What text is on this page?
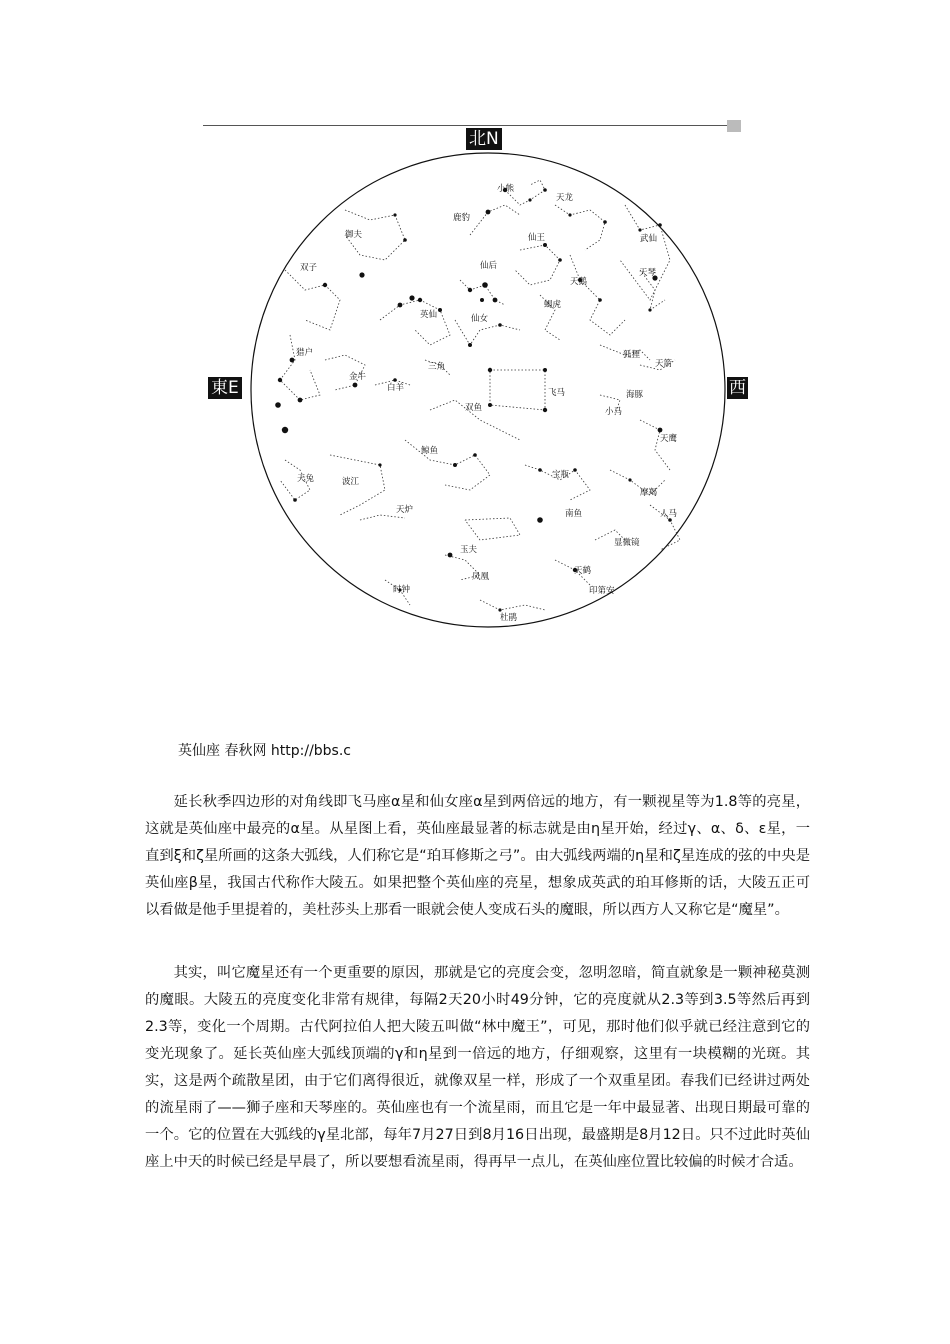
小熊
天龙
鹿豹
御夫	仙王	武仙
双子	仙后
天鹅
天琴
蝎虎
英仙	仙女
猎户
金牛
三角
狐狸
天箭
白羊	飞马	海豚
双鱼	小马
天鹰
鲸鱼
宝瓶
天兔	波江
摩羯
天炉	南鱼	人马
显微镜
玉夫
凤凰
天鹤
时钟	印第安
杜鹃
北N
東E	西
英仙座 春秋网 http://bbs.c

延长秋季四边形的对角线即飞马座α星和仙女座α星到两倍远的地方，有一颗视星等为1.8等的亮星，这就是英仙座中最亮的α星。从星图上看，英仙座最显著的标志就是由η星开始，经过γ、α、δ、ε星，一直到ξ和ζ星所画的这条大弧线，人们称它是“珀耳修斯之弓”。由大弧线两端的η星和ζ星连成的弦的中央是英仙座β星，我国古代称作大陵五。如果把整个英仙座的亮星，想象成英武的珀耳修斯的话，大陵五正可以看做是他手里提着的，美杜莎头上那看一眼就会使人变成石头的魔眼，所以西方人又称它是“魔星”。

其实，叫它魔星还有一个更重要的原因，那就是它的亮度会变，忽明忽暗，简直就象是一颗神秘莫测的魔眼。大陵五的亮度变化非常有规律，每隔2天20小时49分钟，它的亮度就从2.3等到3.5等然后再到2.3等，变化一个周期。古代阿拉伯人把大陵五叫做“林中魔王”，可见，那时他们似乎就已经注意到它的变光现象了。延长英仙座大弧线顶端的γ和η星到一倍远的地方，仔细观察，这里有一块模糊的光斑。其实，这是两个疏散星团，由于它们离得很近，就像双星一样，形成了一个双重星团。春我们已经讲过两处的流星雨了——狮子座和天琴座的。英仙座也有一个流星雨，而且它是一年中最显著、出现日期最可靠的一个。它的位置在大弧线的γ星北部，每年7月27日到8月16日出现，最盛期是8月12日。只不过此时英仙座上中天的时候已经是早晨了，所以要想看流星雨，得再早一点儿，在英仙座位置比较偏的时候才合适。
